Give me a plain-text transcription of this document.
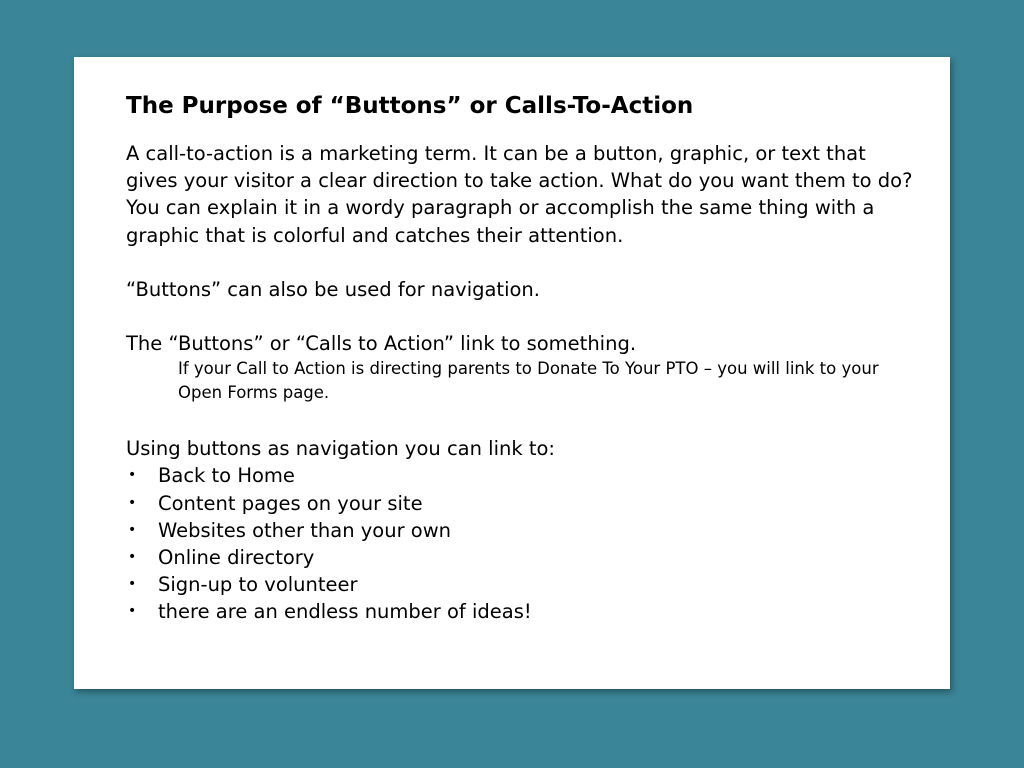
The Purpose of “Buttons” or Calls-To-Action

A call-to-action is a marketing term. It can be a button, graphic, or text that gives your visitor a clear direction to take action. What do you want them to do? You can explain it in a wordy paragraph or accomplish the same thing with a graphic that is colorful and catches their attention.

“Buttons” can also be used for navigation.

The “Buttons” or “Calls to Action” link to something.

If your Call to Action is directing parents to Donate To Your PTO – you will link to your Open Forms page.

Using buttons as navigation you can link to:

• Back to Home
• Content pages on your site
• Websites other than your own
• Online directory
• Sign-up to volunteer
• there are an endless number of ideas!
